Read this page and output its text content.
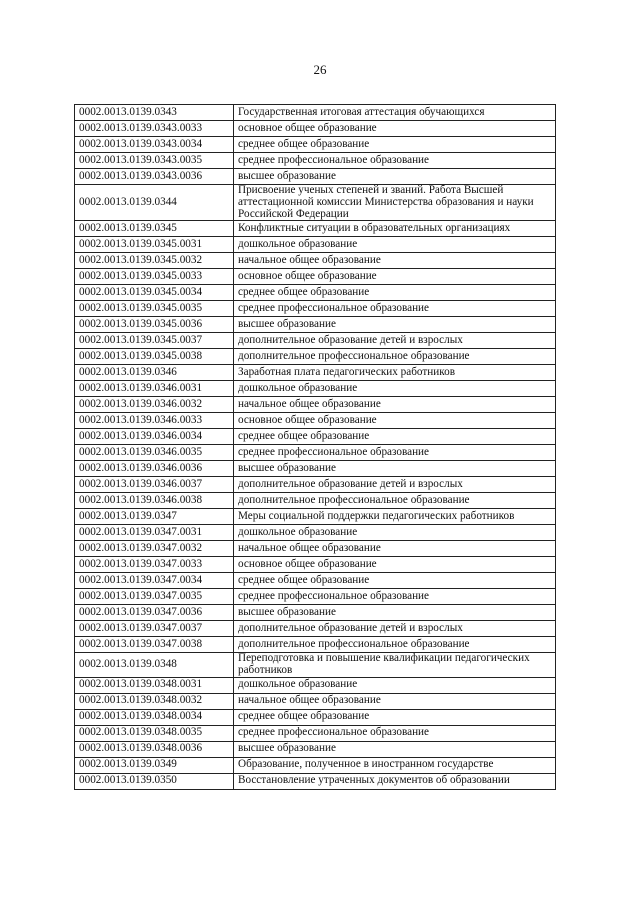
26
0002.0013.0139.0343	Государственная итоговая аттестация обучающихся
0002.0013.0139.0343.0033	основное общее образование
0002.0013.0139.0343.0034	среднее общее образование
0002.0013.0139.0343.0035	среднее профессиональное образование
0002.0013.0139.0343.0036	высшее образование
0002.0013.0139.0344	Присвоение ученых степеней и званий. Работа Высшей аттестационной комиссии Министерства образования и науки Российской Федерации
0002.0013.0139.0345	Конфликтные ситуации в образовательных организациях
0002.0013.0139.0345.0031	дошкольное образование
0002.0013.0139.0345.0032	начальное общее образование
0002.0013.0139.0345.0033	основное общее образование
0002.0013.0139.0345.0034	среднее общее образование
0002.0013.0139.0345.0035	среднее профессиональное образование
0002.0013.0139.0345.0036	высшее образование
0002.0013.0139.0345.0037	дополнительное образование детей и взрослых
0002.0013.0139.0345.0038	дополнительное профессиональное образование
0002.0013.0139.0346	Заработная плата педагогических работников
0002.0013.0139.0346.0031	дошкольное образование
0002.0013.0139.0346.0032	начальное общее образование
0002.0013.0139.0346.0033	основное общее образование
0002.0013.0139.0346.0034	среднее общее образование
0002.0013.0139.0346.0035	среднее профессиональное образование
0002.0013.0139.0346.0036	высшее образование
0002.0013.0139.0346.0037	дополнительное образование детей и взрослых
0002.0013.0139.0346.0038	дополнительное профессиональное образование
0002.0013.0139.0347	Меры социальной поддержки педагогических работников
0002.0013.0139.0347.0031	дошкольное образование
0002.0013.0139.0347.0032	начальное общее образование
0002.0013.0139.0347.0033	основное общее образование
0002.0013.0139.0347.0034	среднее общее образование
0002.0013.0139.0347.0035	среднее профессиональное образование
0002.0013.0139.0347.0036	высшее образование
0002.0013.0139.0347.0037	дополнительное образование детей и взрослых
0002.0013.0139.0347.0038	дополнительное профессиональное образование
0002.0013.0139.0348	Переподготовка и повышение квалификации педагогических работников
0002.0013.0139.0348.0031	дошкольное образование
0002.0013.0139.0348.0032	начальное общее образование
0002.0013.0139.0348.0034	среднее общее образование
0002.0013.0139.0348.0035	среднее профессиональное образование
0002.0013.0139.0348.0036	высшее образование
0002.0013.0139.0349	Образование, полученное в иностранном государстве
0002.0013.0139.0350	Восстановление утраченных документов об образовании
